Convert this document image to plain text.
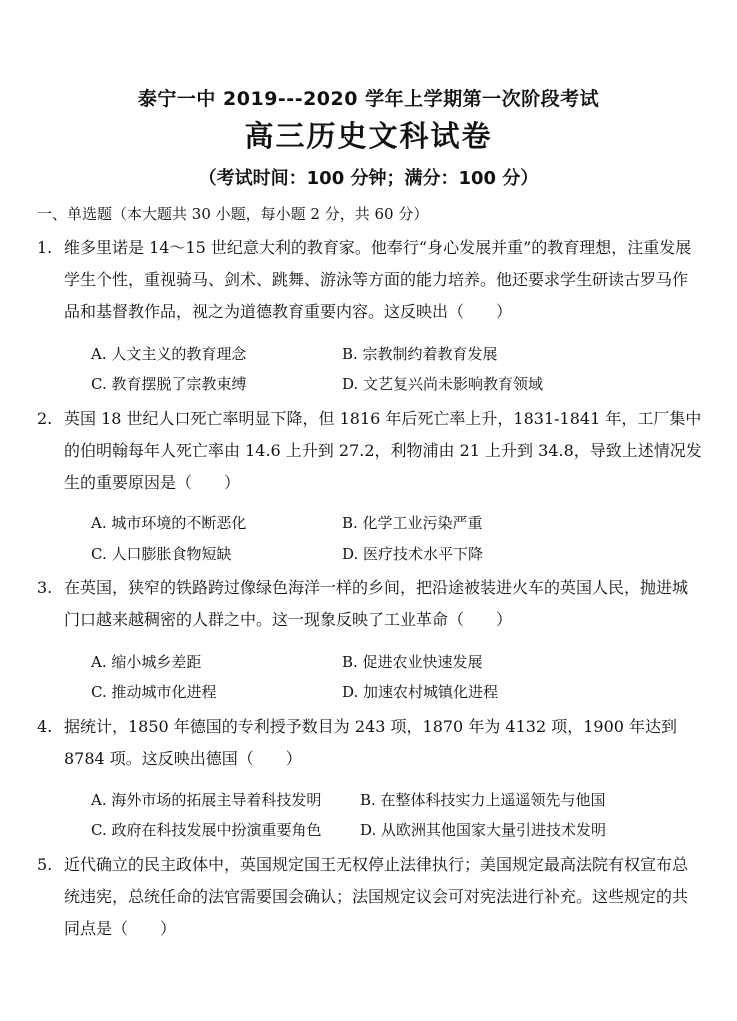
泰宁一中 2019---2020 学年上学期第一次阶段考试
高三历史文科试卷
（考试时间：100 分钟；满分：100 分）
一、单选题（本大题共 30 小题，每小题 2 分，共 60 分）
1. 维多里诺是 14～15 世纪意大利的教育家。他奉行“身心发展并重”的教育理想，注重发展学生个性，重视骑马、剑术、跳舞、游泳等方面的能力培养。他还要求学生研读古罗马作品和基督教作品，视之为道德教育重要内容。这反映出（　　）
A. 人文主义的教育理念	B. 宗教制约着教育发展
C. 教育摆脱了宗教束缚	D. 文艺复兴尚未影响教育领域
2. 英国 18 世纪人口死亡率明显下降，但 1816 年后死亡率上升，1831-1841 年，工厂集中的伯明翰每年人死亡率由 14.6 上升到 27.2，利物浦由 21 上升到 34.8，导致上述情况发生的重要原因是（　　）
A. 城市环境的不断恶化	B. 化学工业污染严重
C. 人口膨胀食物短缺	D. 医疗技术水平下降
3. 在英国，狭窄的铁路跨过像绿色海洋一样的乡间，把沿途被装进火车的英国人民，抛进城门口越来越稠密的人群之中。这一现象反映了工业革命（　　）
A. 缩小城乡差距	B. 促进农业快速发展
C. 推动城市化进程	D. 加速农村城镇化进程
4. 据统计，1850 年德国的专利授予数目为 243 项，1870 年为 4132 项，1900 年达到 8784 项。这反映出德国（　　）
A. 海外市场的拓展主导着科技发明	B. 在整体科技实力上遥遥领先与他国
C. 政府在科技发展中扮演重要角色	D. 从欧洲其他国家大量引进技术发明
5. 近代确立的民主政体中，英国规定国王无权停止法律执行；美国规定最高法院有权宣布总统违宪，总统任命的法官需要国会确认；法国规定议会可对宪法进行补充。这些规定的共同点是（　　）
